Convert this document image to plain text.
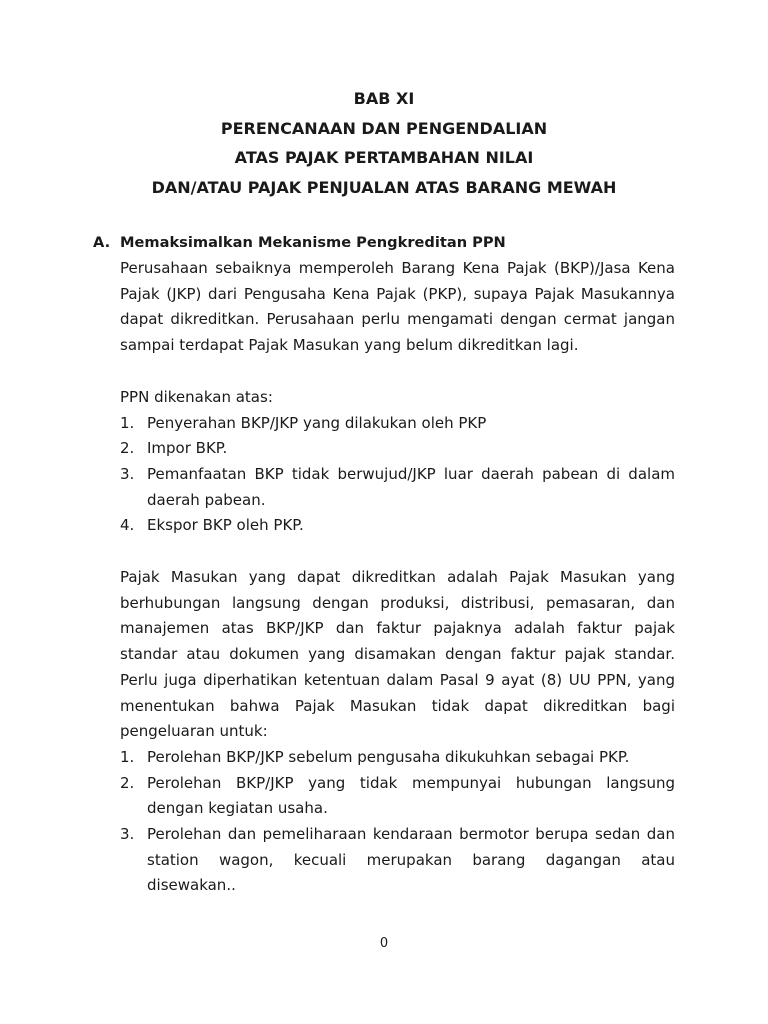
BAB XI
PERENCANAAN DAN PENGENDALIAN
ATAS PAJAK PERTAMBAHAN NILAI
DAN/ATAU PAJAK PENJUALAN ATAS BARANG MEWAH
A. Memaksimalkan Mekanisme Pengkreditan PPN

Perusahaan sebaiknya memperoleh Barang Kena Pajak (BKP)/Jasa Kena Pajak (JKP) dari Pengusaha Kena Pajak (PKP), supaya Pajak Masukannya dapat dikreditkan. Perusahaan perlu mengamati dengan cermat jangan sampai terdapat Pajak Masukan yang belum dikreditkan lagi.

PPN dikenakan atas:

1. Penyerahan BKP/JKP yang dilakukan oleh PKP
2. Impor BKP.
3. Pemanfaatan BKP tidak berwujud/JKP luar daerah pabean di dalam daerah pabean.
4. Ekspor BKP oleh PKP.

Pajak Masukan yang dapat dikreditkan adalah Pajak Masukan yang berhubungan langsung dengan produksi, distribusi, pemasaran, dan manajemen atas BKP/JKP dan faktur pajaknya adalah faktur pajak standar atau dokumen yang disamakan dengan faktur pajak standar. Perlu juga diperhatikan ketentuan dalam Pasal 9 ayat (8) UU PPN, yang menentukan bahwa Pajak Masukan tidak dapat dikreditkan bagi pengeluaran untuk:

1. Perolehan BKP/JKP sebelum pengusaha dikukuhkan sebagai PKP.
2. Perolehan BKP/JKP yang tidak mempunyai hubungan langsung dengan kegiatan usaha.
3. Perolehan dan pemeliharaan kendaraan bermotor berupa sedan dan station wagon, kecuali merupakan barang dagangan atau disewakan..
0
